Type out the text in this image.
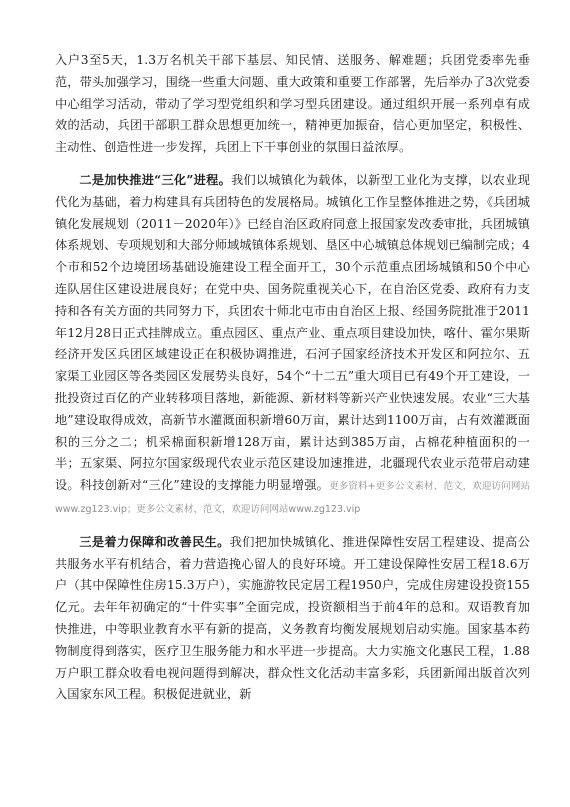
入户3至5天，1.3万名机关干部下基层、知民情、送服务、解难题；兵团党委率先垂范，带头加强学习，围绕一些重大问题、重大政策和重要工作部署，先后举办了3次党委中心组学习活动，带动了学习型党组织和学习型兵团建设。通过组织开展一系列卓有成效的活动，兵团干部职工群众思想更加统一，精神更加振奋，信心更加坚定，积极性、主动性、创造性进一步发挥，兵团上下干事创业的氛围日益浓厚。

二是加快推进“三化”进程。我们以城镇化为载体，以新型工业化为支撑，以农业现代化为基础，着力构建具有兵团特色的发展格局。城镇化工作呈整体推进之势，《兵团城镇化发展规划（2011－2020年）》已经自治区政府同意上报国家发改委审批，兵团城镇体系规划、专项规划和大部分师域城镇体系规划、垦区中心城镇总体规划已编制完成；4个市和52个边境团场基础设施建设工程全面开工，30个示范重点团场城镇和50个中心连队居住区建设进展良好；在党中央、国务院重视关心下，在自治区党委、政府有力支持和各有关方面的共同努力下，兵团农十师北屯市由自治区上报、经国务院批准于2011年12月28日正式挂牌成立。重点园区、重点产业、重点项目建设加快，喀什、霍尔果斯经济开发区兵团区域建设正在积极协调推进，石河子国家经济技术开发区和阿拉尔、五家渠工业园区等各类园区发展势头良好，54个“十二五”重大项目已有49个开工建设，一批投资过百亿的产业转移项目落地，新能源、新材料等新兴产业快速发展。农业“三大基地”建设取得成效，高新节水灌溉面积新增60万亩，累计达到1100万亩，占有效灌溉面积的三分之二；机采棉面积新增128万亩，累计达到385万亩，占棉花种植面积的一半；五家渠、阿拉尔国家级现代农业示范区建设加速推进，北疆现代农业示范带启动建设。科技创新对“三化”建设的支撑能力明显增强。更多资料+更多公文素材、范文，欢迎访问网站www.zg123.vip；更多公文素材、范文，欢迎访问网站www.zg123.vip

三是着力保障和改善民生。我们把加快城镇化、推进保障性安居工程建设、提高公共服务水平有机结合，着力营造挽心留人的良好环境。开工建设保障性安居工程18.6万户（其中保障性住房15.3万户），实施游牧民定居工程1950户，完成住房建设投资155亿元。去年年初确定的“十件实事”全面完成，投资额相当于前4年的总和。双语教育加快推进，中等职业教育水平有新的提高，义务教育均衡发展规划启动实施。国家基本药物制度得到落实，医疗卫生服务能力和水平进一步提高。大力实施文化惠民工程，1.88万户职工群众收看电视问题得到解决，群众性文化活动丰富多彩，兵团新闻出版首次列入国家东风工程。积极促进就业，新
